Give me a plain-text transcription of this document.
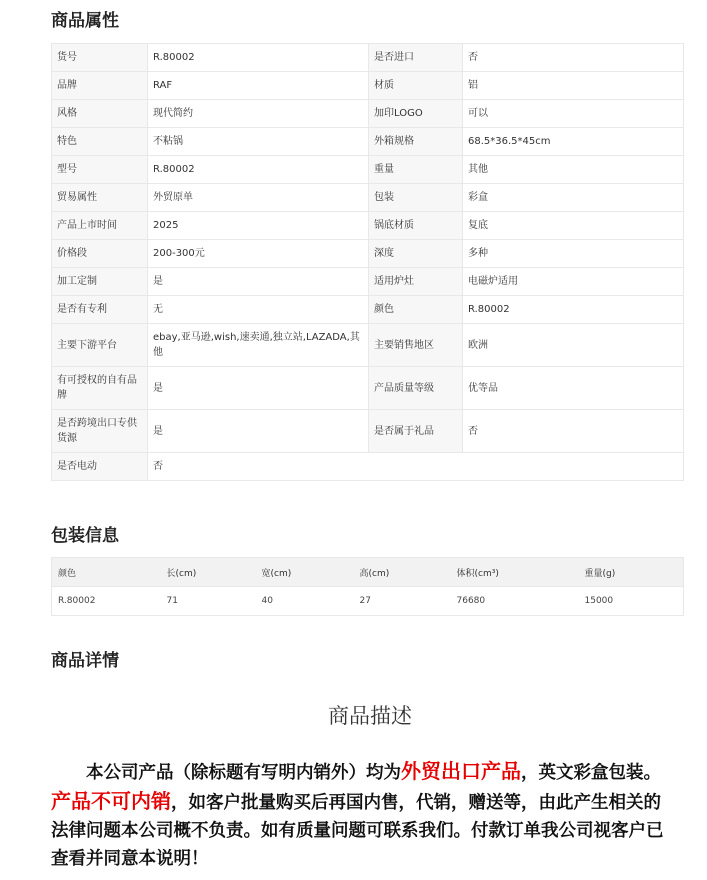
商品属性
货号	R.80002	是否进口	否
品牌	RAF	材质	铝
风格	现代简约	加印LOGO	可以
特色	不粘锅	外箱规格	68.5*36.5*45cm
型号	R.80002	重量	其他
贸易属性	外贸原单	包装	彩盒
产品上市时间	2025	锅底材质	复底
价格段	200-300元	深度	多种
加工定制	是	适用炉灶	电磁炉适用
是否有专利	无	颜色	R.80002
主要下游平台	ebay,亚马逊,wish,速卖通,独立站,LAZADA,其他	主要销售地区	欧洲
有可授权的自有品牌	是	产品质量等级	优等品
是否跨境出口专供货源	是	是否属于礼品	否
是否电动	否		
包装信息
颜色	长(cm)	宽(cm)	高(cm)	体积(cm³)	重量(g)
R.80002	71	40	27	76680	15000
商品详情
商品描述

　　本公司产品（除标题有写明内销外）均为外贸出口产品，英文彩盒包装。产品不可内销，如客户批量购买后再国内售，代销，赠送等，由此产生相关的法律问题本公司概不负责。如有质量问题可联系我们。付款订单我公司视客户已查看并同意本说明！
